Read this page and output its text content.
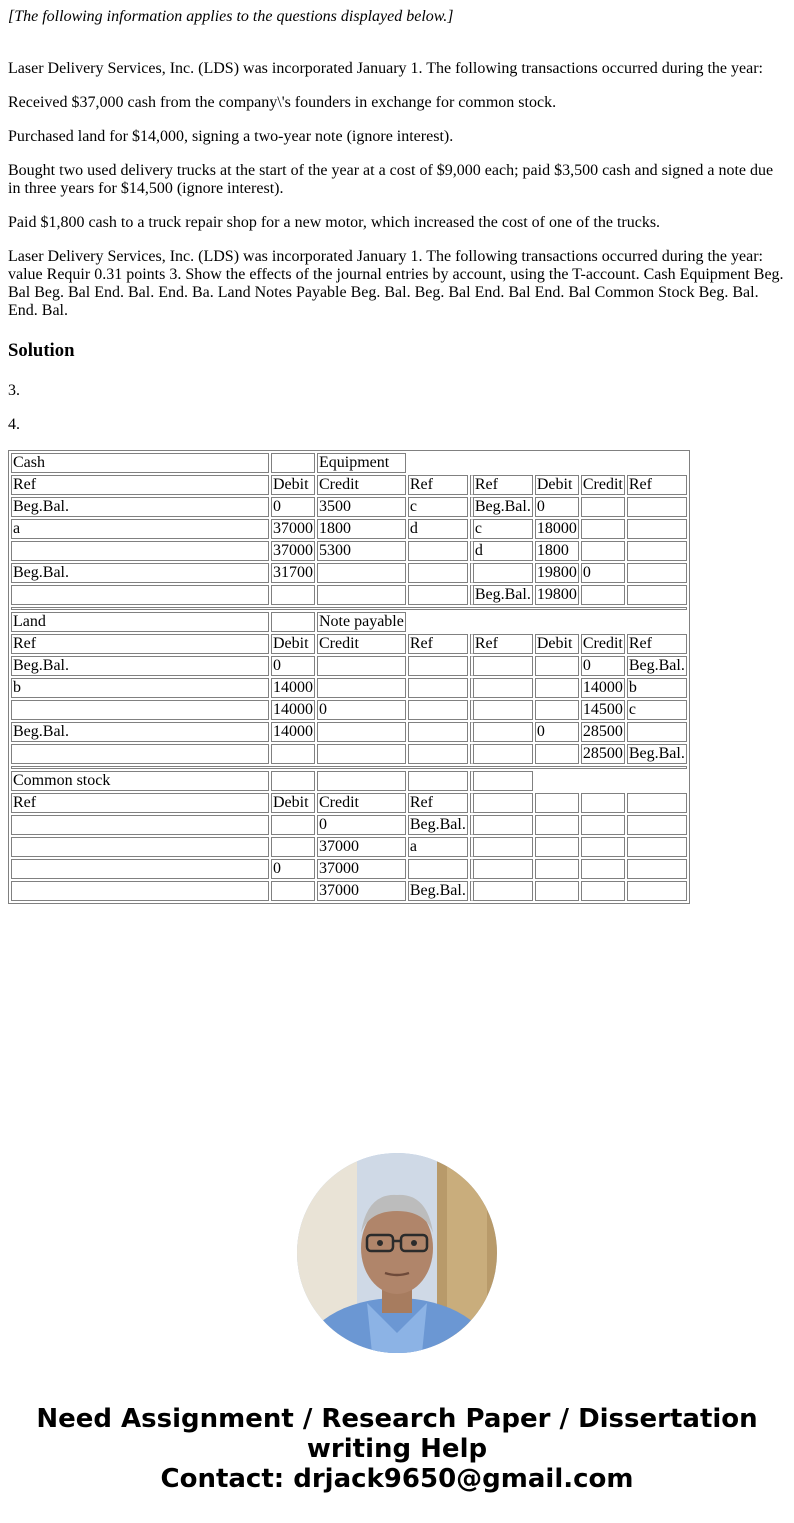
[The following information applies to the questions displayed below.]

Laser Delivery Services, Inc. (LDS) was incorporated January 1. The following transactions occurred during the year:

Received $37,000 cash from the company\'s founders in exchange for common stock.

Purchased land for $14,000, signing a two-year note (ignore interest).

Bought two used delivery trucks at the start of the year at a cost of $9,000 each; paid $3,500 cash and signed a note due in three years for $14,500 (ignore interest).

Paid $1,800 cash to a truck repair shop for a new motor, which increased the cost of one of the trucks.

Laser Delivery Services, Inc. (LDS) was incorporated January 1. The following transactions occurred during the year: value Requir 0.31 points 3. Show the effects of the journal entries by account, using the T-account. Cash Equipment Beg. Bal Beg. Bal End. Bal. End. Ba. Land Notes Payable Beg. Bal. Beg. Bal End. Bal End. Bal Common Stock Beg. Bal. End. Bal.

Solution

3.

4.

Cash		Equipment					
Ref	Debit	Credit	Ref	Ref	Debit	Credit	Ref
Beg.Bal.	0	3500	c	Beg.Bal.	0		
a	37000	1800	d	c	18000		
	37000	5300		d	1800		
Beg.Bal.	31700				19800	0	
				Beg.Bal.	19800		

Land		Note payable					
Ref	Debit	Credit	Ref	Ref	Debit	Credit	Ref
Beg.Bal.	0					0	Beg.Bal.
b	14000					14000	b
	14000	0				14500	c
Beg.Bal.	14000				0	28500	
						28500	Beg.Bal.

Common stock							
Ref	Debit	Credit	Ref				
		0	Beg.Bal.				
		37000	a				
	0	37000					
		37000	Beg.Bal.				
Need Assignment / Research Paper / Dissertation
writing Help
Contact: drjack9650@gmail.com
